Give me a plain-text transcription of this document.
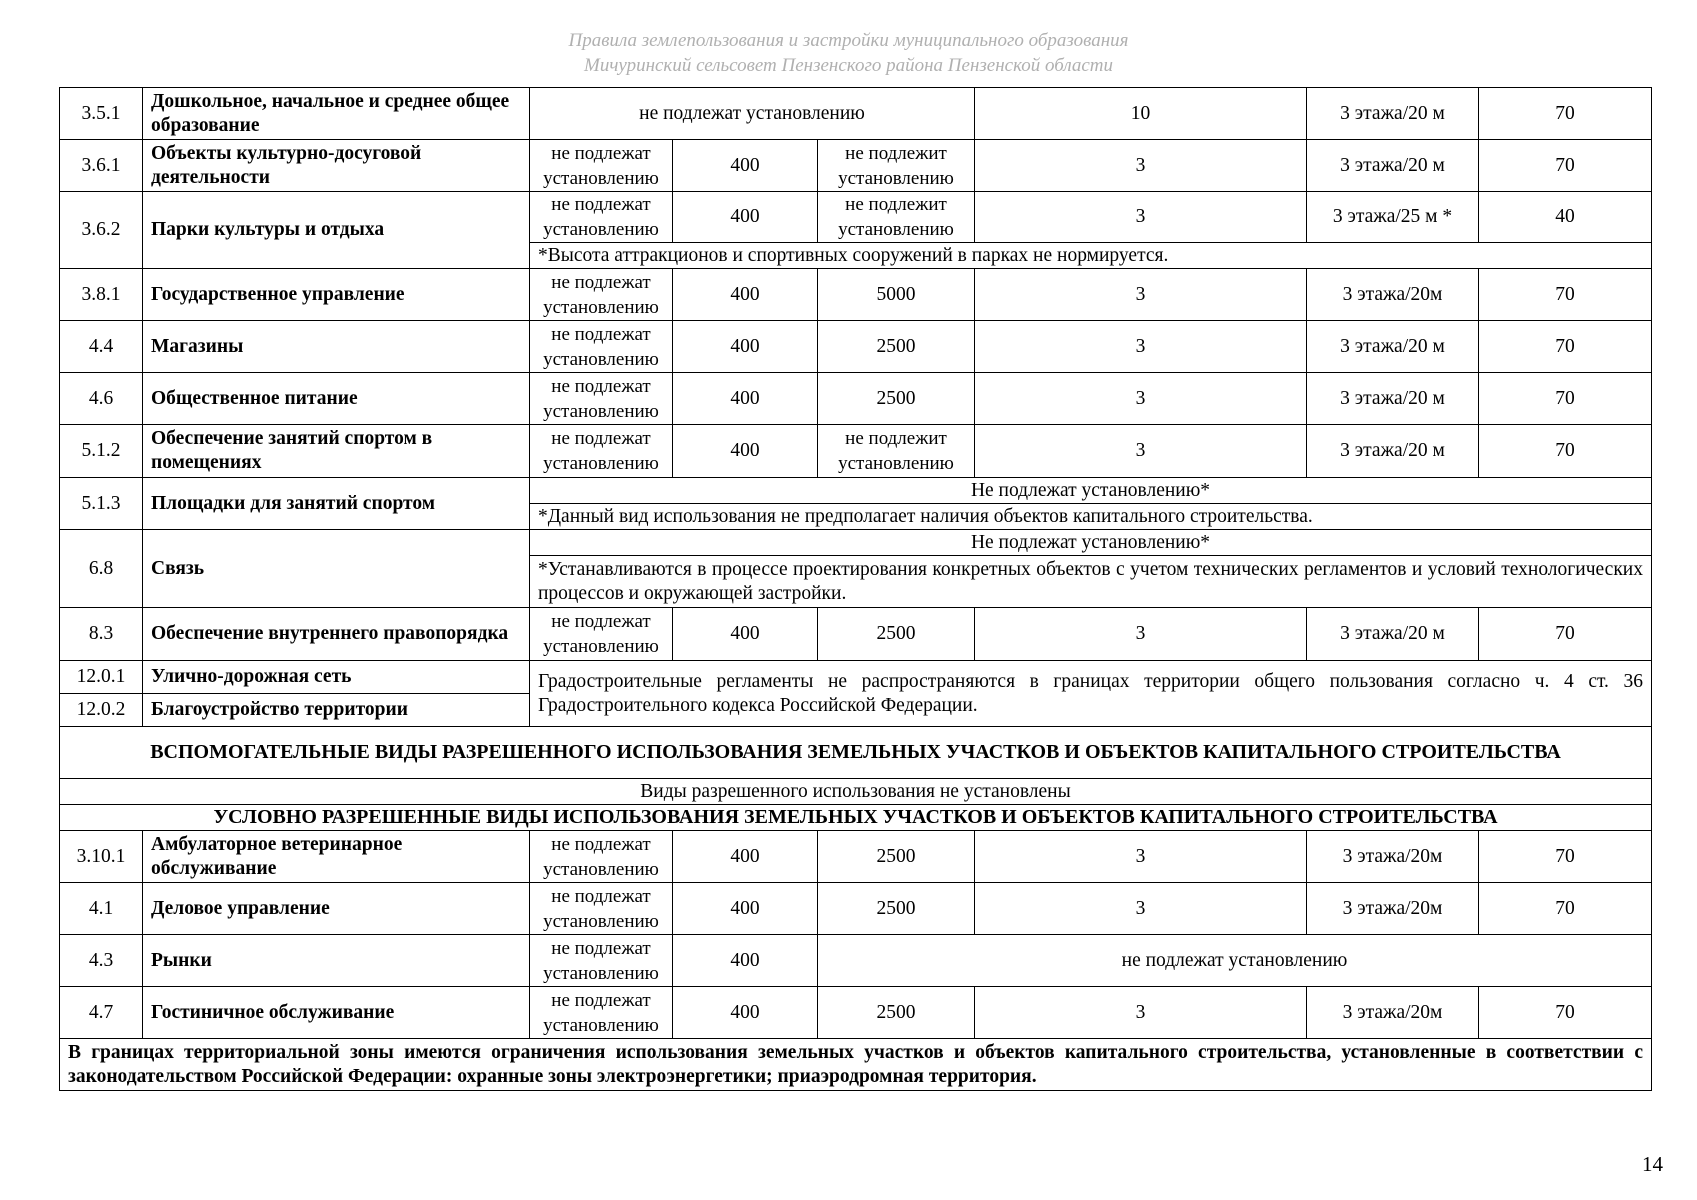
Правила землепользования и застройки муниципального образования
Мичуринский сельсовет Пензенского района Пензенской области
3.5.1	Дошкольное, начальное и среднее общее образование	не подлежат установлению			10	3 этажа/20 м	70
3.6.1	Объекты культурно-досуговой деятельности	не подлежат установлению	400	не подлежит установлению	3	3 этажа/20 м	70
3.6.2	Парки культуры и отдыха	не подлежат установлению	400	не подлежит установлению	3	3 этажа/25 м *	40
		*Высота аттракционов и спортивных сооружений в парках не нормируется.					
3.8.1	Государственное управление	не подлежат установлению	400	5000	3	3 этажа/20м	70
4.4	Магазины	не подлежат установлению	400	2500	3	3 этажа/20 м	70
4.6	Общественное питание	не подлежат установлению	400	2500	3	3 этажа/20 м	70
5.1.2	Обеспечение занятий спортом в помещениях	не подлежат установлению	400	не подлежит установлению	3	3 этажа/20 м	70
5.1.3	Площадки для занятий спортом	Не подлежат установлению*					
		*Данный вид использования не предполагает наличия объектов капитального строительства.					
6.8	Связь	Не подлежат установлению*					
		*Устанавливаются в процессе проектирования конкретных объектов с учетом технических регламентов и условий технологических процессов и окружающей застройки.					
8.3	Обеспечение внутреннего правопорядка	не подлежат установлению	400	2500	3	3 этажа/20 м	70
12.0.1	Улично-дорожная сеть	Градостроительные регламенты не распространяются в границах территории общего пользования согласно ч. 4 ст. 36 Градостроительного кодекса Российской Федерации.					
12.0.2	Благоустройство территории						
ВСПОМОГАТЕЛЬНЫЕ ВИДЫ РАЗРЕШЕННОГО ИСПОЛЬЗОВАНИЯ ЗЕМЕЛЬНЫХ УЧАСТКОВ И ОБЪЕКТОВ КАПИТАЛЬНОГО СТРОИТЕЛЬСТВА							
Виды разрешенного использования не установлены							
УСЛОВНО РАЗРЕШЕННЫЕ ВИДЫ ИСПОЛЬЗОВАНИЯ ЗЕМЕЛЬНЫХ УЧАСТКОВ И ОБЪЕКТОВ КАПИТАЛЬНОГО СТРОИТЕЛЬСТВА							
3.10.1	Амбулаторное ветеринарное обслуживание	не подлежат установлению	400	2500	3	3 этажа/20м	70
4.1	Деловое управление	не подлежат установлению	400	2500	3	3 этажа/20м	70
4.3	Рынки	не подлежат установлению	400	не подлежат установлению			
4.7	Гостиничное обслуживание	не подлежат установлению	400	2500	3	3 этажа/20м	70
В границах территориальной зоны имеются ограничения использования земельных участков и объектов капитального строительства, установленные в соответствии с законодательством Российской Федерации: охранные зоны электроэнергетики; приаэродромная территория.							
14
